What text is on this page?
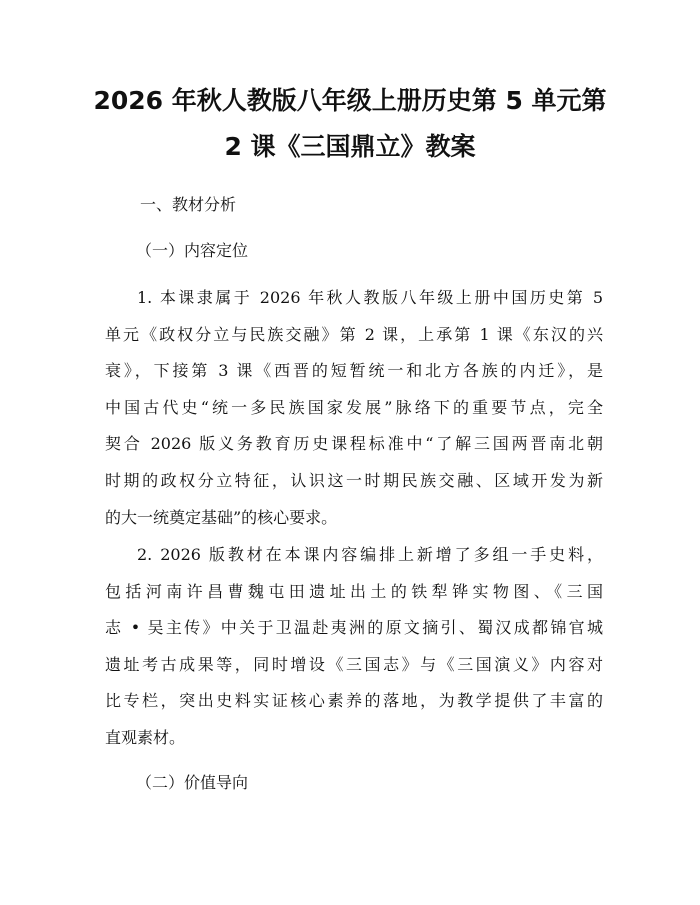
2026 年秋人教版八年级上册历史第 5 单元第
2 课《三国鼎立》教案
一、教材分析
（一）内容定位
1. 本课隶属于 2026 年秋人教版八年级上册中国历史第 5
单元《政权分立与民族交融》第 2 课，上承第 1 课《东汉的兴
衰》，下接第 3 课《西晋的短暂统一和北方各族的内迁》，是
中国古代史“统一多民族国家发展”脉络下的重要节点，完全
契合 2026 版义务教育历史课程标准中“了解三国两晋南北朝
时期的政权分立特征，认识这一时期民族交融、区域开发为新
的大一统奠定基础”的核心要求。
2. 2026 版教材在本课内容编排上新增了多组一手史料，
包括河南许昌曹魏屯田遗址出土的铁犁铧实物图、《三国
志 • 吴主传》中关于卫温赴夷洲的原文摘引、蜀汉成都锦官城
遗址考古成果等，同时增设《三国志》与《三国演义》内容对
比专栏，突出史料实证核心素养的落地，为教学提供了丰富的
直观素材。
（二）价值导向
